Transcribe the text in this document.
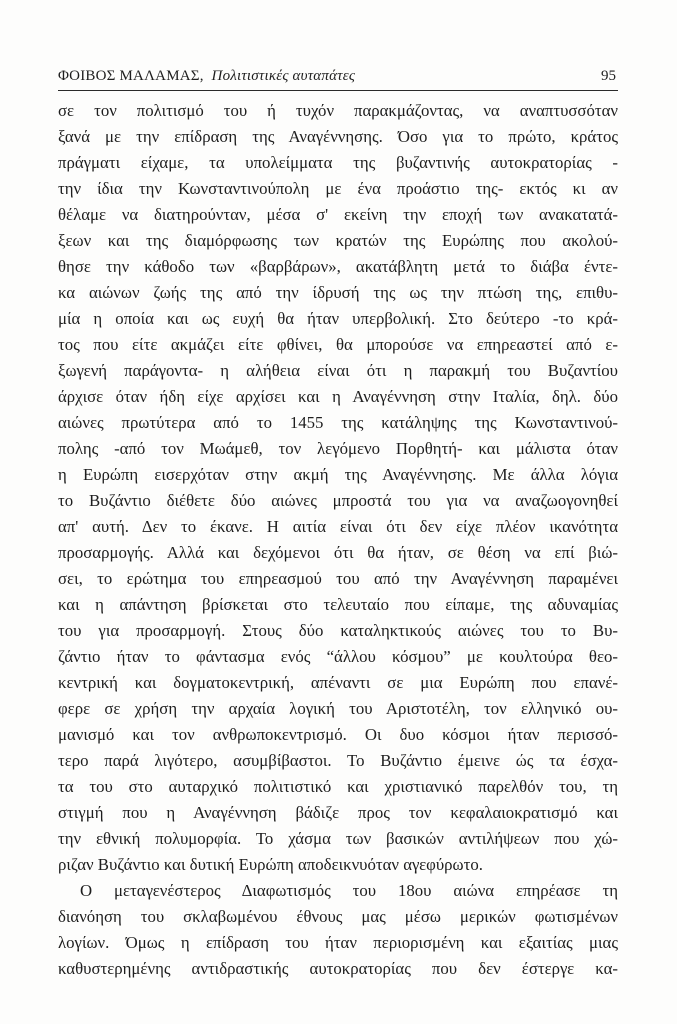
ΦΟΙΒΟΣ ΜΑΛΑΜΑΣ, Πολιτιστικές αυταπάτες	95
σε τον πολιτισμό του ή τυχόν παρακμάζοντας, να αναπτυσσόταν
ξανά με την επίδραση της Αναγέννησης. Όσο για το πρώτο, κράτος
πράγματι είχαμε, τα υπολείμματα της βυζαντινής αυτοκρατορίας -
την ίδια την Κωνσταντινούπολη με ένα προάστιο της- εκτός κι αν
θέλαμε να διατηρούνταν, μέσα σ' εκείνη την εποχή των ανακατατά-
ξεων και της διαμόρφωσης των κρατών της Ευρώπης που ακολού-
θησε την κάθοδο των «βαρβάρων», ακατάβλητη μετά το διάβα έντε-
κα αιώνων ζωής της από την ίδρυσή της ως την πτώση της, επιθυ-
μία η οποία και ως ευχή θα ήταν υπερβολική. Στο δεύτερο -το κρά-
τος που είτε ακμάζει είτε φθίνει, θα μπορούσε να επηρεαστεί από ε-
ξωγενή παράγοντα- η αλήθεια είναι ότι η παρακμή του Βυζαντίου
άρχισε όταν ήδη είχε αρχίσει και η Αναγέννηση στην Ιταλία, δηλ. δύο
αιώνες πρωτύτερα από το 1455 της κατάληψης της Κωνσταντινού-
πολης -από τον Μωάμεθ, τον λεγόμενο Πορθητή- και μάλιστα όταν
η Ευρώπη εισερχόταν στην ακμή της Αναγέννησης. Με άλλα λόγια
το Βυζάντιο διέθετε δύο αιώνες μπροστά του για να αναζωογονηθεί
απ' αυτή. Δεν το έκανε. Η αιτία είναι ότι δεν είχε πλέον ικανότητα
προσαρμογής. Αλλά και δεχόμενοι ότι θα ήταν, σε θέση να επί βιώ-
σει, το ερώτημα του επηρεασμού του από την Αναγέννηση παραμένει
και η απάντηση βρίσκεται στο τελευταίο που είπαμε, της αδυναμίας
του για προσαρμογή. Στους δύο καταληκτικούς αιώνες του το Βυ-
ζάντιο ήταν το φάντασμα ενός “άλλου κόσμου” με κουλτούρα θεο-
κεντρική και δογματοκεντρική, απέναντι σε μια Ευρώπη που επανέ-
φερε σε χρήση την αρχαία λογική του Αριστοτέλη, τον ελληνικό ου-
μανισμό και τον ανθρωποκεντρισμό. Οι δυο κόσμοι ήταν περισσό-
τερο παρά λιγότερο, ασυμβίβαστοι. Το Βυζάντιο έμεινε ώς τα έσχα-
τα του στο αυταρχικό πολιτιστικό και χριστιανικό παρελθόν του, τη
στιγμή που η Αναγέννηση βάδιζε προς τον κεφαλαιοκρατισμό και
την εθνική πολυμορφία. Το χάσμα των βασικών αντιλήψεων που χώ-
ριζαν Βυζάντιο και δυτική Ευρώπη αποδεικνυόταν αγεφύρωτο.
Ο μεταγενέστερος Διαφωτισμός του 18ου αιώνα επηρέασε τη
διανόηση του σκλαβωμένου έθνους μας μέσω μερικών φωτισμένων
λογίων. Όμως η επίδραση του ήταν περιορισμένη και εξαιτίας μιας
καθυστερημένης αντιδραστικής αυτοκρατορίας που δεν έστεργε κα-
